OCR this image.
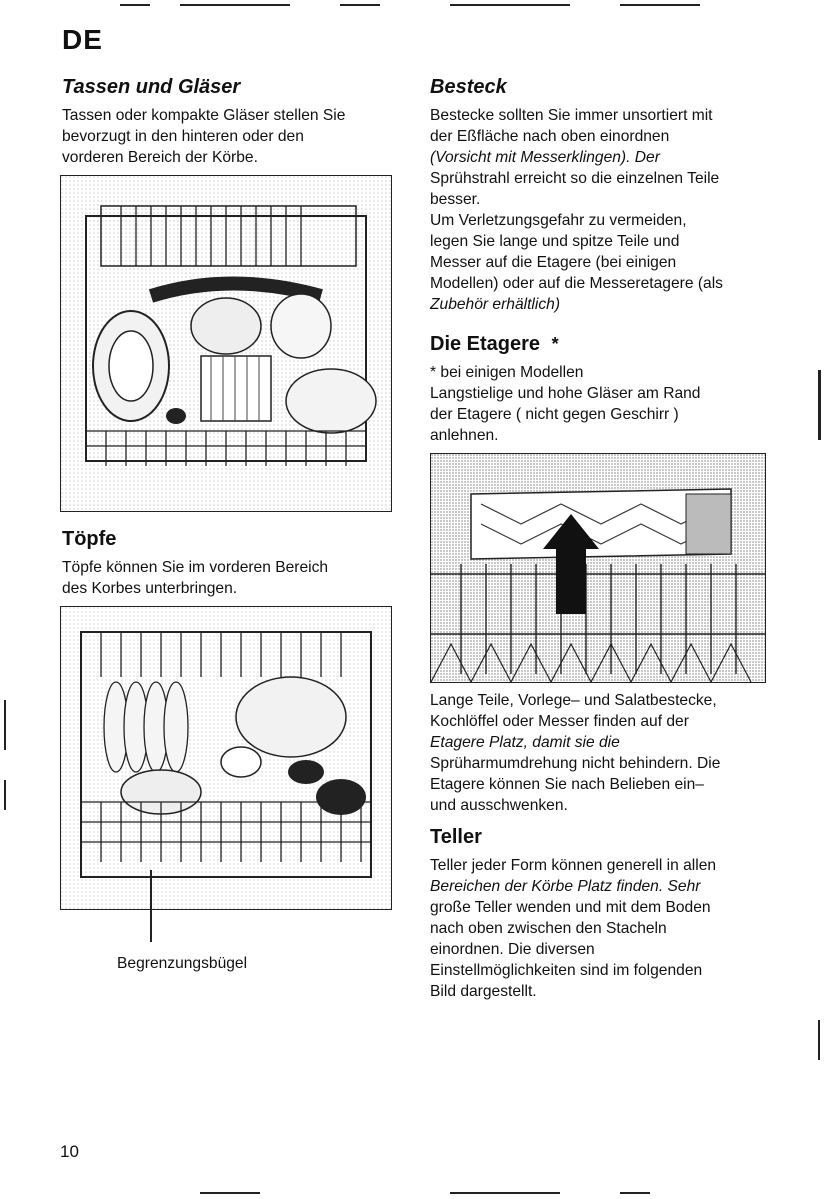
DE
Tassen und Gläser

Tassen oder kompakte Gläser stellen Sie

bevorzugt in den hinteren oder den

vorderen Bereich der Körbe.

Töpfe

Töpfe können Sie im vorderen Bereich

des Korbes unterbringen.

Begrenzungsbügel
Besteck

Bestecke sollten Sie immer unsortiert mit

der Eßfläche nach oben einordnen

(Vorsicht mit Messerklingen). Der

Sprühstrahl erreicht so die einzelnen Teile

besser.

Um Verletzungsgefahr zu vermeiden,

legen Sie lange und spitze Teile und

Messer auf die Etagere (bei einigen

Modellen) oder auf die Messeretagere (als

Zubehör erhältlich)

Die Etagere *

* bei einigen Modellen

Langstielige und hohe Gläser am Rand

der Etagere ( nicht gegen Geschirr )

anlehnen.

Lange Teile, Vorlege– und Salatbestecke,

Kochlöffel oder Messer finden auf der

Etagere Platz, damit sie die

Sprüharmumdrehung nicht behindern. Die

Etagere können Sie nach Belieben ein–

und ausschwenken.

Teller

Teller jeder Form können generell in allen

Bereichen der Körbe Platz finden. Sehr

große Teller wenden und mit dem Boden

nach oben zwischen den Stacheln

einordnen. Die diversen

Einstellmöglichkeiten sind im folgenden

Bild dargestellt.

10
